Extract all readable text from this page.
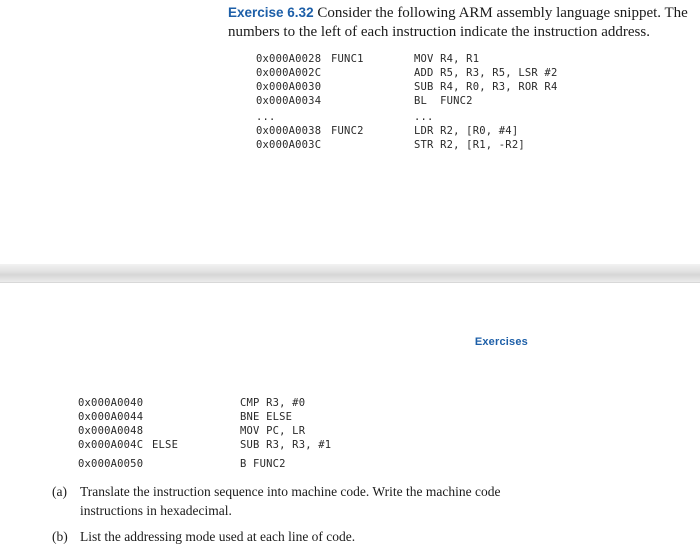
Exercise 6.32 Consider the following ARM assembly language snippet. The numbers to the left of each instruction indicate the instruction address.
0x000A0028 FUNC1	MOV R4, R1
0x000A002C	ADD R5, R3, R5, LSR #2
0x000A0030	SUB R4, R0, R3, ROR R4
0x000A0034	BL  FUNC2
...	...
0x000A0038 FUNC2	LDR R2, [R0, #4]
0x000A003C	STR R2, [R1, -R2]
Exercises
0x000A0040	CMP R3, #0
0x000A0044	BNE ELSE
0x000A0048	MOV PC, LR
0x000A004C ELSE	SUB R3, R3, #1
0x000A0050	B FUNC2
(a) Translate the instruction sequence into machine code. Write the machine code instructions in hexadecimal.
(b) List the addressing mode used at each line of code.
